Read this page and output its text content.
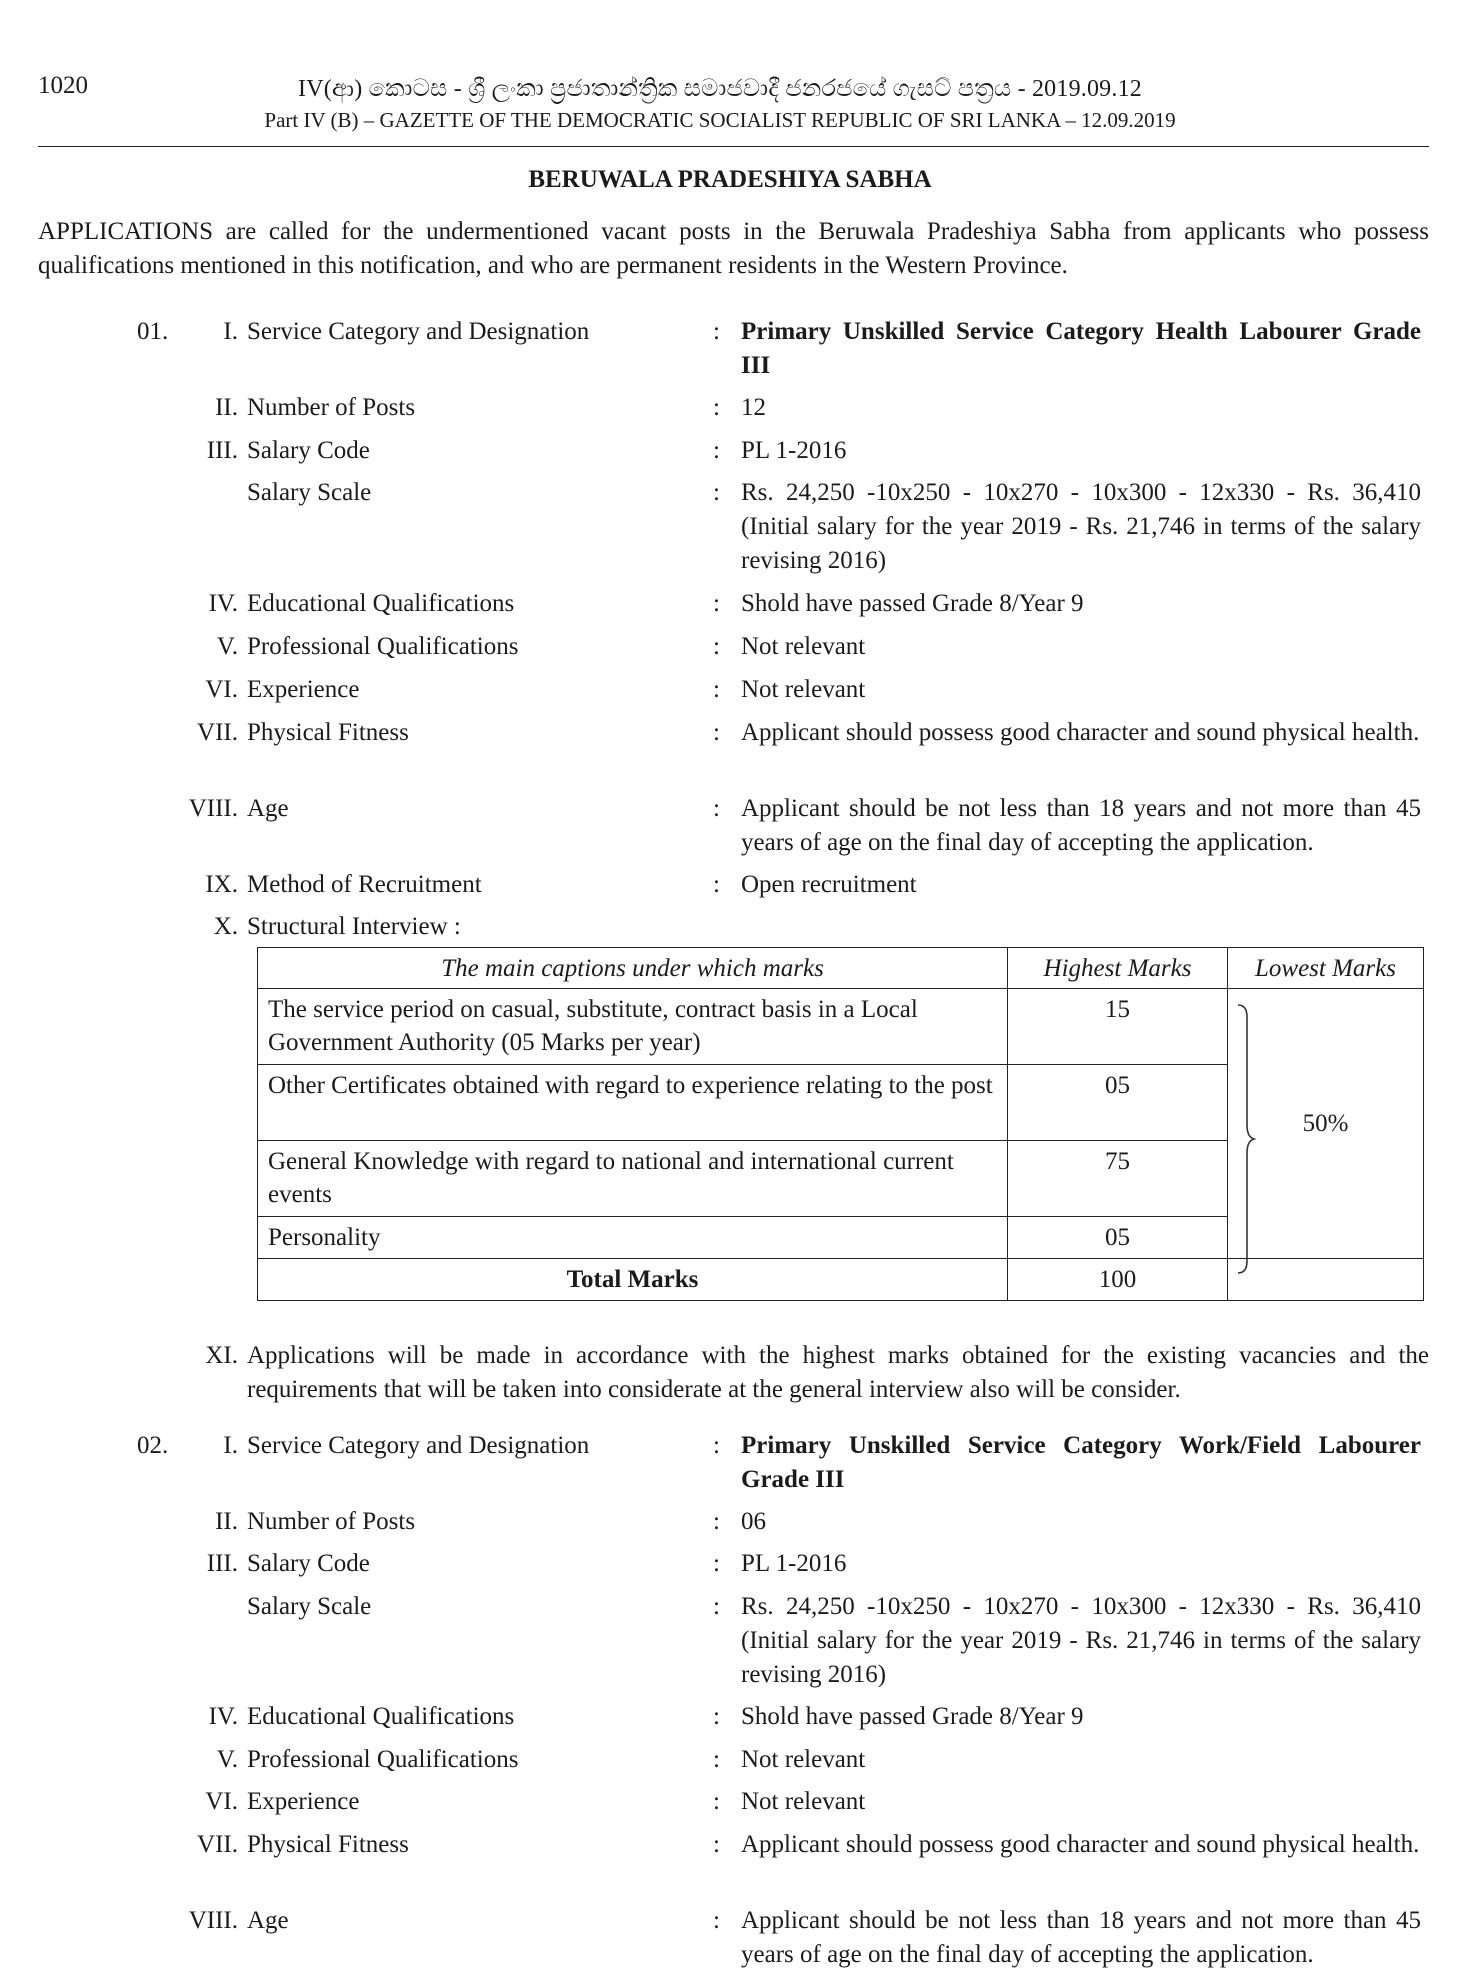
1020	IV(ආ) කොටස - ශ්‍රී ලංකා ප්‍රජාතාන්ත්‍රික සමාජවාදී ජනරජයේ ගැසට් පත්‍රය - 2019.09.12
Part IV (B) – GAZETTE OF THE DEMOCRATIC SOCIALIST REPUBLIC OF SRI LANKA – 12.09.2019
BERUWALA PRADESHIYA SABHA
APPLICATIONS are called for the undermentioned vacant posts in the Beruwala Pradeshiya Sabha from applicants who possess qualifications mentioned in this notification, and who are permanent residents in the Western Province.
01.	I. Service Category and Designation	: Primary Unskilled Service Category Health Labourer Grade III
II. Number of Posts	: 12
III. Salary Code	: PL 1-2016
Salary Scale	: Rs. 24,250 -10x250 - 10x270 - 10x300 - 12x330 - Rs. 36,410 (Initial salary for the year 2019 - Rs. 21,746 in terms of the salary revising 2016)
IV. Educational Qualifications	: Shold have passed Grade 8/Year 9
V. Professional Qualifications	: Not relevant
VI. Experience	: Not relevant
VII. Physical Fitness	: Applicant should possess good character and sound physical health.
VIII. Age	: Applicant should be not less than 18 years and not more than 45 years of age on the final day of accepting the application.
IX. Method of Recruitment	: Open recruitment
X. Structural Interview :
The main captions under which marks	Highest Marks	Lowest Marks
The service period on casual, substitute, contract basis in a Local Government Authority (05 Marks per year)	15	50%
Other Certificates obtained with regard to experience relating to the post	05	
General Knowledge with regard to national and international current events	75	
Personality	05	
Total Marks	100	
XI. Applications will be made in accordance with the highest marks obtained for the existing vacancies and the requirements that will be taken into considerate at the general interview also will be consider.
02.	I. Service Category and Designation	: Primary Unskilled Service Category Work/Field Labourer Grade III
II. Number of Posts	: 06
III. Salary Code	: PL 1-2016
Salary Scale	: Rs. 24,250 -10x250 - 10x270 - 10x300 - 12x330 - Rs. 36,410 (Initial salary for the year 2019 - Rs. 21,746 in terms of the salary revising 2016)
IV. Educational Qualifications	: Shold have passed Grade 8/Year 9
V. Professional Qualifications	: Not relevant
VI. Experience	: Not relevant
VII. Physical Fitness	: Applicant should possess good character and sound physical health.
VIII. Age	: Applicant should be not less than 18 years and not more than 45 years of age on the final day of accepting the application.
